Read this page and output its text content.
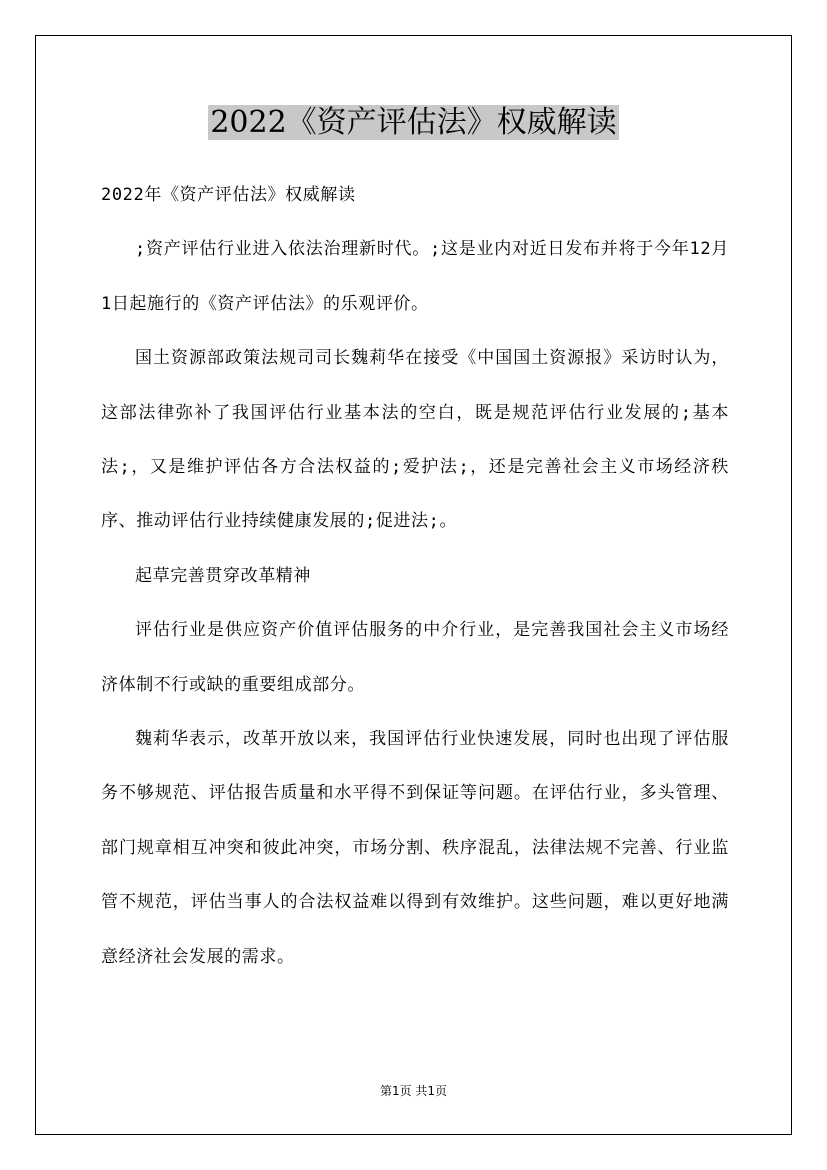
2022《资产评估法》权威解读

2022年《资产评估法》权威解读

;资产评估行业进入依法治理新时代。;这是业内对近日发布并将于今年12月1日起施行的《资产评估法》的乐观评价。

国土资源部政策法规司司长魏莉华在接受《中国国土资源报》采访时认为，这部法律弥补了我国评估行业基本法的空白，既是规范评估行业发展的;基本法;，又是维护评估各方合法权益的;爱护法;，还是完善社会主义市场经济秩序、推动评估行业持续健康发展的;促进法;。

起草完善贯穿改革精神

评估行业是供应资产价值评估服务的中介行业，是完善我国社会主义市场经济体制不行或缺的重要组成部分。

魏莉华表示，改革开放以来，我国评估行业快速发展，同时也出现了评估服务不够规范、评估报告质量和水平得不到保证等问题。在评估行业，多头管理、部门规章相互冲突和彼此冲突，市场分割、秩序混乱，法律法规不完善、行业监管不规范，评估当事人的合法权益难以得到有效维护。这些问题，难以更好地满意经济社会发展的需求。

第1页 共1页
